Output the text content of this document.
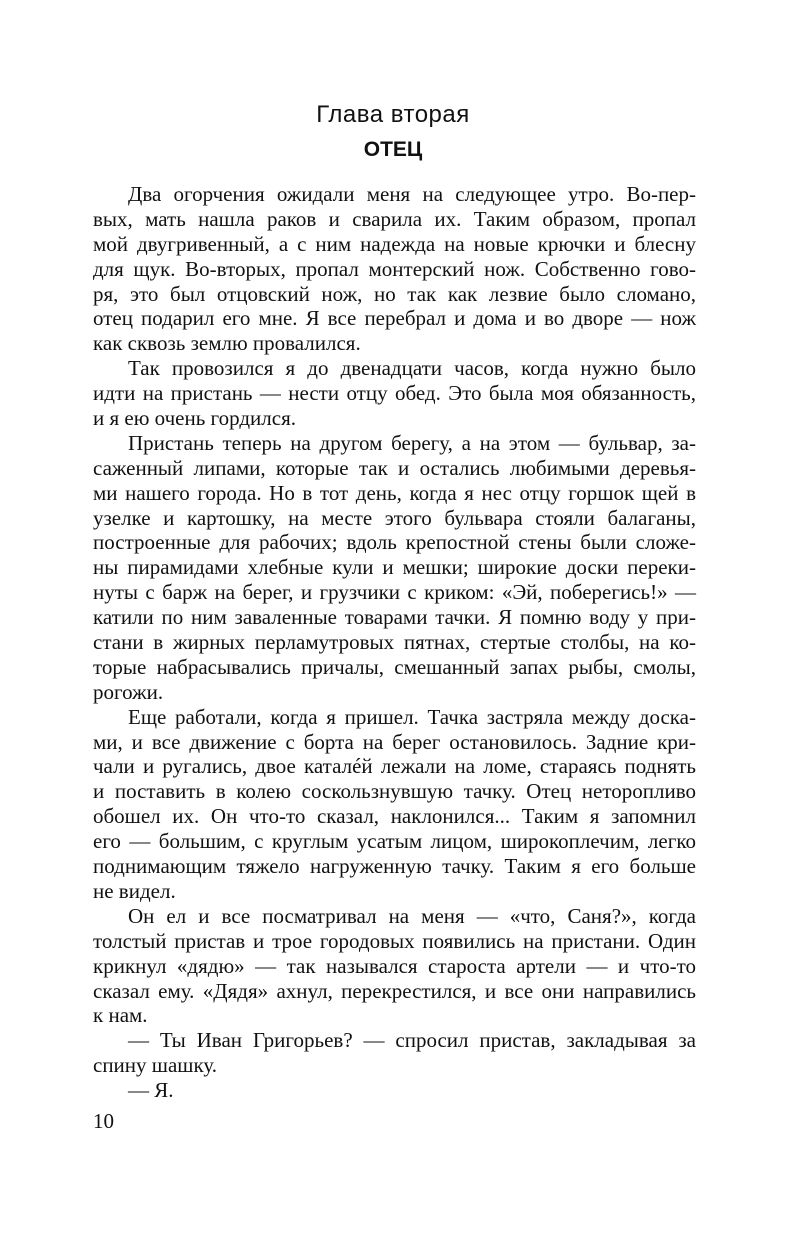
Глава вторая
ОТЕЦ
Два огорчения ожидали меня на следующее утро. Во-пер-
вых, мать нашла раков и сварила их. Таким образом, пропал
мой двугривенный, а с ним надежда на новые крючки и блесну
для щук. Во-вторых, пропал монтерский нож. Собственно гово-
ря, это был отцовский нож, но так как лезвие было сломано,
отец подарил его мне. Я все перебрал и дома и во дворе — нож
как сквозь землю провалился.
Так провозился я до двенадцати часов, когда нужно было
идти на пристань — нести отцу обед. Это была моя обязанность,
и я ею очень гордился.
Пристань теперь на другом берегу, а на этом — бульвар, за-
саженный липами, которые так и остались любимыми деревья-
ми нашего города. Но в тот день, когда я нес отцу горшок щей в
узелке и картошку, на месте этого бульвара стояли балаганы,
построенные для рабочих; вдоль крепостной стены были сложе-
ны пирамидами хлебные кули и мешки; широкие доски переки-
нуты с барж на берег, и грузчики с криком: «Эй, поберегись!» —
катили по ним заваленные товарами тачки. Я помню воду у при-
стани в жирных перламутровых пятнах, стертые столбы, на ко-
торые набрасывались причалы, смешанный запах рыбы, смолы,
рогожи.
Еще работали, когда я пришел. Тачка застряла между доска-
ми, и все движение с борта на берег остановилось. Задние кри-
чали и ругались, двое каталéй лежали на ломе, стараясь поднять
и поставить в колею соскользнувшую тачку. Отец неторопливо
обошел их. Он что-то сказал, наклонился... Таким я запомнил
его — большим, с круглым усатым лицом, широкоплечим, легко
поднимающим тяжело нагруженную тачку. Таким я его больше
не видел.
Он ел и все посматривал на меня — «что, Саня?», когда
толстый пристав и трое городовых появились на пристани. Один
крикнул «дядю» — так назывался староста артели — и что-то
сказал ему. «Дядя» ахнул, перекрестился, и все они направились
к нам.
— Ты Иван Григорьев? — спросил пристав, закладывая за
спину шашку.
— Я.
10
